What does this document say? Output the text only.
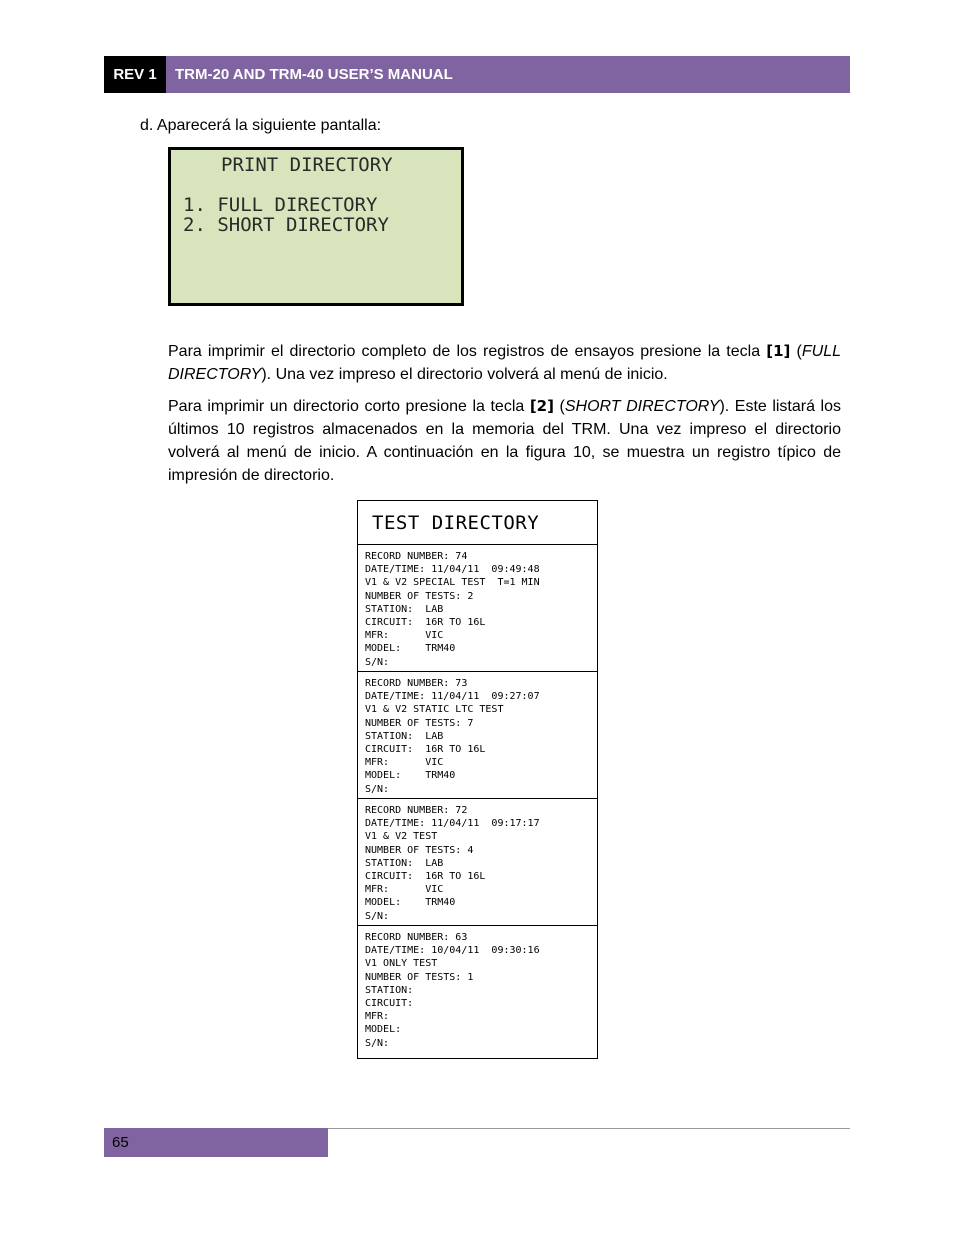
REV 1	TRM-20 AND TRM-40 USER’S MANUAL
d. Aparecerá la siguiente pantalla:
PRINT DIRECTORY
1. FULL DIRECTORY
2. SHORT DIRECTORY
Para imprimir el directorio completo de los registros de ensayos presione la tecla [1] (FULL DIRECTORY). Una vez impreso el directorio volverá al menú de inicio.
Para imprimir un directorio corto presione la tecla [2] (SHORT DIRECTORY). Este listará los últimos 10 registros almacenados en la memoria del TRM. Una vez impreso el directorio volverá al menú de inicio. A continuación en la figura 10, se muestra un registro típico de impresión de directorio.
TEST DIRECTORY
RECORD NUMBER: 74
DATE/TIME: 11/04/11  09:49:48
V1 & V2 SPECIAL TEST  T=1 MIN
NUMBER OF TESTS: 2
STATION:  LAB
CIRCUIT:  16R TO 16L
MFR:      VIC
MODEL:    TRM40
S/N:
RECORD NUMBER: 73
DATE/TIME: 11/04/11  09:27:07
V1 & V2 STATIC LTC TEST
NUMBER OF TESTS: 7
STATION:  LAB
CIRCUIT:  16R TO 16L
MFR:      VIC
MODEL:    TRM40
S/N:
RECORD NUMBER: 72
DATE/TIME: 11/04/11  09:17:17
V1 & V2 TEST
NUMBER OF TESTS: 4
STATION:  LAB
CIRCUIT:  16R TO 16L
MFR:      VIC
MODEL:    TRM40
S/N:
RECORD NUMBER: 63
DATE/TIME: 10/04/11  09:30:16
V1 ONLY TEST
NUMBER OF TESTS: 1
STATION:
CIRCUIT:
MFR:
MODEL:
S/N:
65
